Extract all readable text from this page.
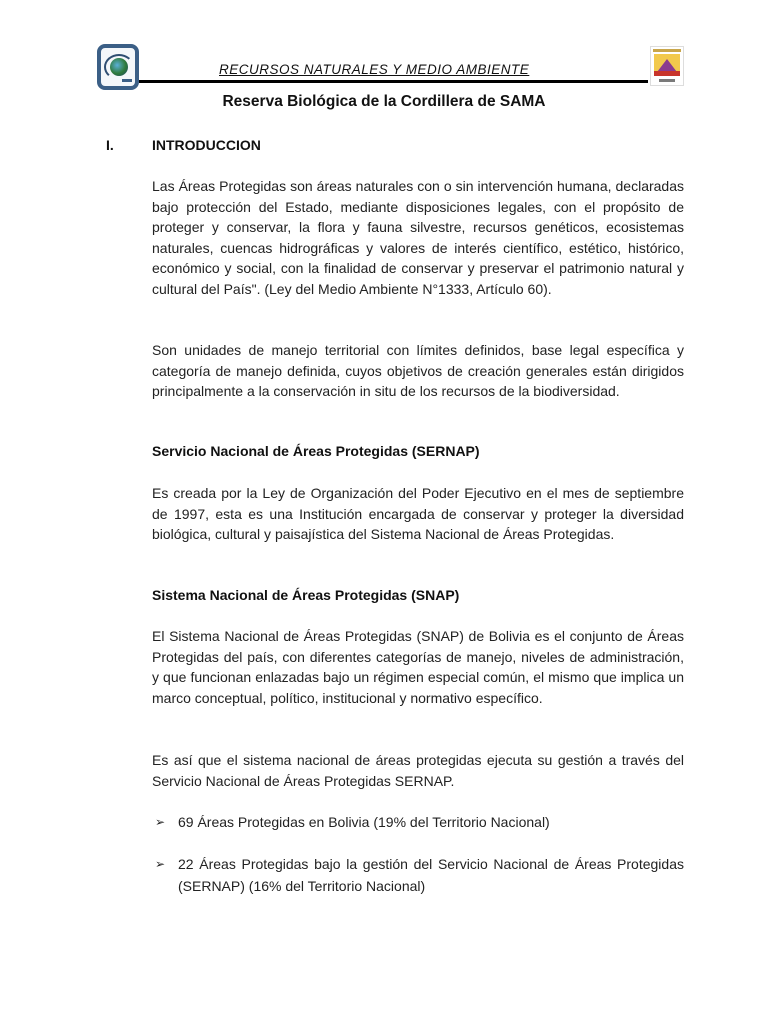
RECURSOS NATURALES Y MEDIO AMBIENTE
Reserva Biológica de la Cordillera de SAMA
I.	INTRODUCCION

Las Áreas Protegidas son áreas naturales con o sin intervención humana, declaradas bajo protección del Estado, mediante disposiciones legales, con el propósito de proteger y conservar, la flora y fauna silvestre, recursos genéticos, ecosistemas naturales, cuencas hidrográficas y valores de interés científico, estético, histórico, económico y social, con la finalidad de conservar y preservar el patrimonio natural y cultural del País". (Ley del Medio Ambiente N°1333, Artículo 60).

Son unidades de manejo territorial con límites definidos, base legal específica y categoría de manejo definida, cuyos objetivos de creación generales están dirigidos principalmente a la conservación in situ de los recursos de la biodiversidad.

Servicio Nacional de Áreas Protegidas (SERNAP)

Es creada por la Ley de Organización del Poder Ejecutivo en el mes de septiembre de 1997, esta es una Institución encargada de conservar y proteger la diversidad biológica, cultural y paisajística del Sistema Nacional de Áreas Protegidas.

Sistema Nacional de Áreas Protegidas (SNAP)

El Sistema Nacional de Áreas Protegidas (SNAP) de Bolivia es el conjunto de Áreas Protegidas del país, con diferentes categorías de manejo, niveles de administración, y que funcionan enlazadas bajo un régimen especial común, el mismo que implica un marco conceptual, político, institucional y normativo específico.

Es así que el sistema nacional de áreas protegidas ejecuta su gestión a través del Servicio Nacional de Áreas Protegidas SERNAP.

➢ 69 Áreas Protegidas en Bolivia (19% del Territorio Nacional)
➢ 22 Áreas Protegidas bajo la gestión del Servicio Nacional de Áreas Protegidas (SERNAP) (16% del Territorio Nacional)
